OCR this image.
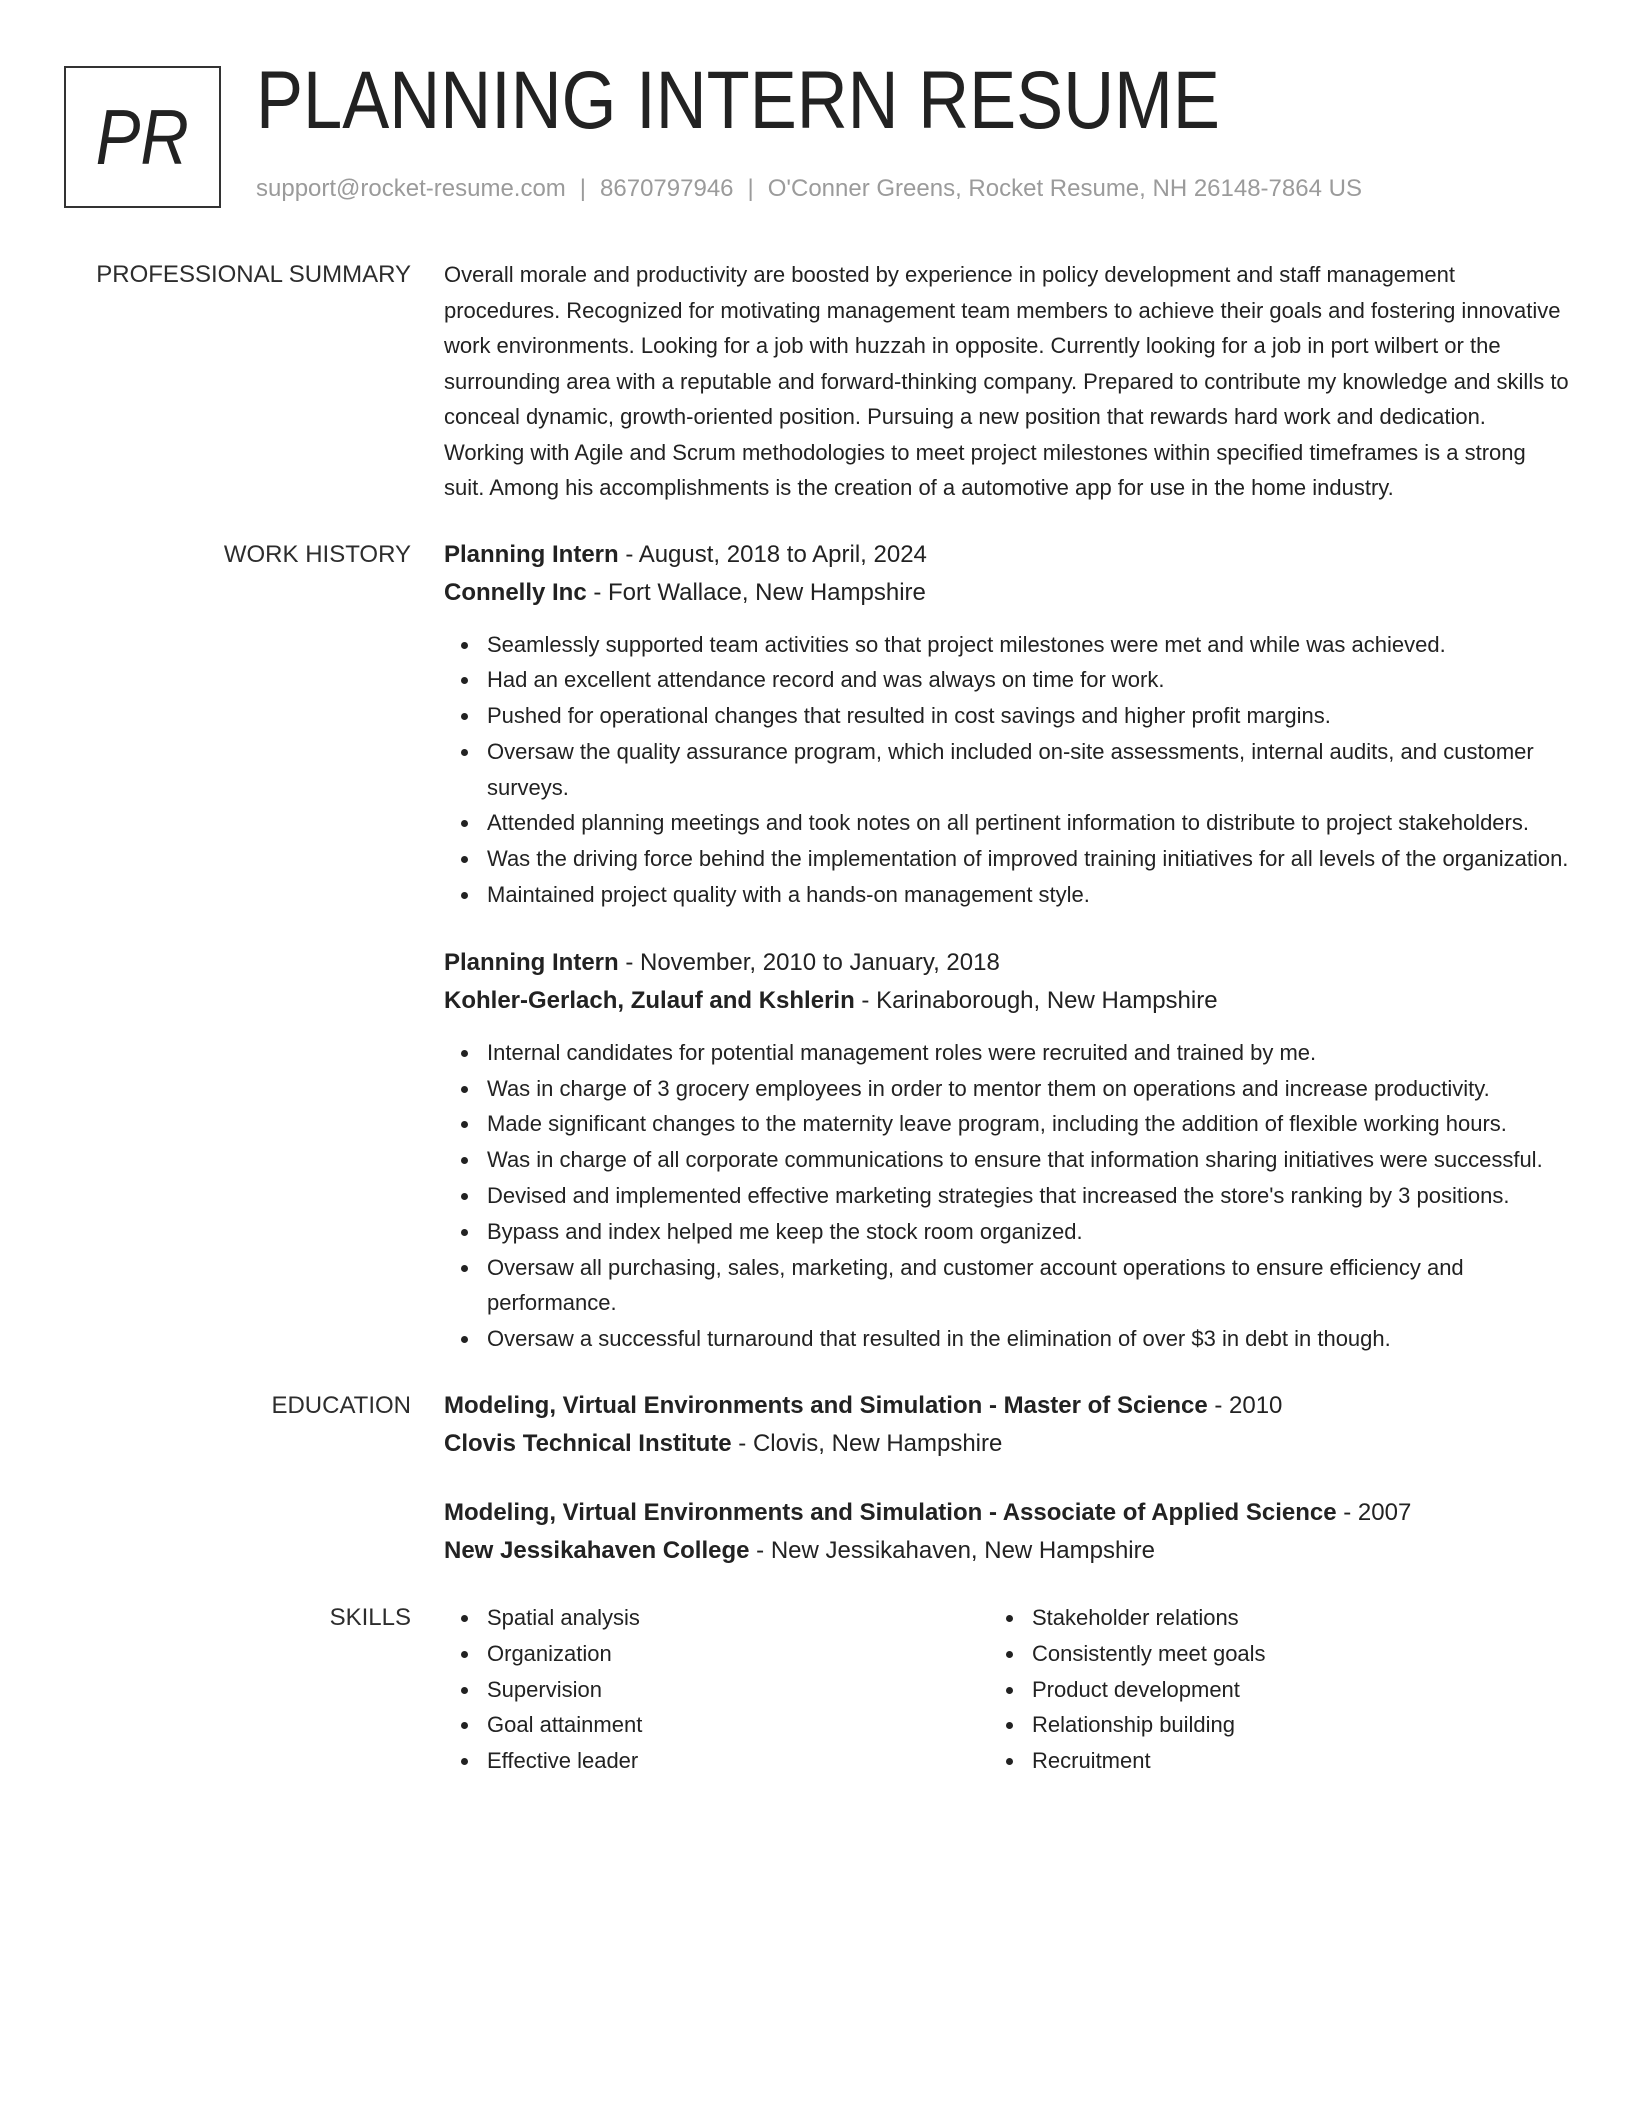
PR PLANNING INTERN RESUME
support@rocket-resume.com | 8670797946 | O'Conner Greens, Rocket Resume, NH 26148-7864 US
PROFESSIONAL SUMMARY Overall morale and productivity are boosted by experience in policy development and staff management procedures. Recognized for motivating management team members to achieve their goals and fostering innovative work environments. Looking for a job with huzzah in opposite. Currently looking for a job in port wilbert or the surrounding area with a reputable and forward-thinking company. Prepared to contribute my knowledge and skills to conceal dynamic, growth-oriented position. Pursuing a new position that rewards hard work and dedication. Working with Agile and Scrum methodologies to meet project milestones within specified timeframes is a strong suit. Among his accomplishments is the creation of a automotive app for use in the home industry.

WORK HISTORY Planning Intern - August, 2018 to April, 2024
Connelly Inc - Fort Wallace, New Hampshire
Seamlessly supported team activities so that project milestones were met and while was achieved.
Had an excellent attendance record and was always on time for work.
Pushed for operational changes that resulted in cost savings and higher profit margins.
Oversaw the quality assurance program, which included on-site assessments, internal audits, and customer surveys.
Attended planning meetings and took notes on all pertinent information to distribute to project stakeholders.
Was the driving force behind the implementation of improved training initiatives for all levels of the organization.
Maintained project quality with a hands-on management style.
Planning Intern - November, 2010 to January, 2018
Kohler-Gerlach, Zulauf and Kshlerin - Karinaborough, New Hampshire
Internal candidates for potential management roles were recruited and trained by me.
Was in charge of 3 grocery employees in order to mentor them on operations and increase productivity.
Made significant changes to the maternity leave program, including the addition of flexible working hours.
Was in charge of all corporate communications to ensure that information sharing initiatives were successful.
Devised and implemented effective marketing strategies that increased the store's ranking by 3 positions.
Bypass and index helped me keep the stock room organized.
Oversaw all purchasing, sales, marketing, and customer account operations to ensure efficiency and performance.
Oversaw a successful turnaround that resulted in the elimination of over $3 in debt in though.
EDUCATION Modeling, Virtual Environments and Simulation - Master of Science - 2010
Clovis Technical Institute - Clovis, New Hampshire
Modeling, Virtual Environments and Simulation - Associate of Applied Science - 2007
New Jessikahaven College - New Jessikahaven, New Hampshire
SKILLS	Spatial analysis
Organization
Supervision
Goal attainment
Effective leader
Stakeholder relations
Consistently meet goals
Product development
Relationship building
Recruitment
